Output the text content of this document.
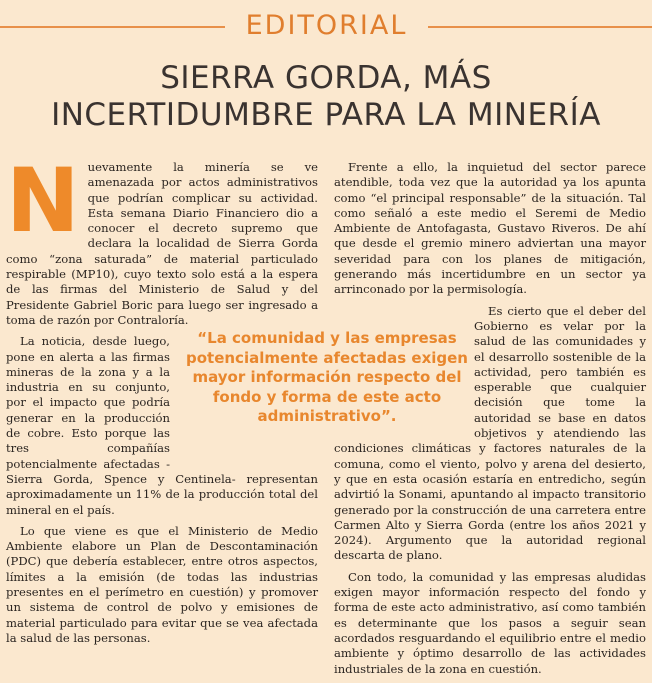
EDITORIAL
SIERRA GORDA, MÁS
INCERTIDUMBRE PARA LA MINERÍA

N uevamente la minería se ve amenazada por actos administrativos que podrían complicar su actividad. Esta semana Diario Financiero dio a conocer el decreto supremo que declara la localidad de Sierra Gorda como “zona saturada” de material particulado respirable (MP10), cuyo texto solo está a la espera de las firmas del Ministerio de Salud y del Presidente Gabriel Boric para luego ser ingresado a toma de razón por Contraloría.

La noticia, desde luego, pone en alerta a las firmas mineras de la zona y a la industria en su conjunto, por el impacto que podría generar en la producción de cobre. Esto porque las tres compañías potencialmente afectadas -Sierra Gorda, Spence y Centinela- representan aproximadamente un 11% de la producción total del mineral en el país.

Lo que viene es que el Ministerio de Medio Ambiente elabore un Plan de Descontaminación (PDC) que debería establecer, entre otros aspectos, límites a la emisión (de todas las industrias presentes en el perímetro en cuestión) y promover un sistema de control de polvo y emisiones de material particulado para evitar que se vea afectada la salud de las personas.

Frente a ello, la inquietud del sector parece atendible, toda vez que la autoridad ya los apunta como “el principal responsable” de la situación. Tal como señaló a este medio el Seremi de Medio Ambiente de Antofagasta, Gustavo Riveros. De ahí que desde el gremio minero adviertan una mayor severidad para con los planes de mitigación, generando más incertidumbre en un sector ya arrinconado por la permisología.

Es cierto que el deber del Gobierno es velar por la salud de las comunidades y el desarrollo sostenible de la actividad, pero también es esperable que cualquier decisión que tome la autoridad se base en datos objetivos y atendiendo las condiciones climáticas y factores naturales de la comuna, como el viento, polvo y arena del desierto, y que en esta ocasión estaría en entredicho, según advirtió la Sonami, apuntando al impacto transitorio generado por la construcción de una carretera entre Carmen Alto y Sierra Gorda (entre los años 2021 y 2024). Argumento que la autoridad regional descarta de plano.

Con todo, la comunidad y las empresas aludidas exigen mayor información respecto del fondo y forma de este acto administrativo, así como también es determinante que los pasos a seguir sean acordados resguardando el equilibrio entre el medio ambiente y óptimo desarrollo de las actividades industriales de la zona en cuestión.

“La comunidad y las empresas potencialmente afectadas exigen mayor información respecto del fondo y forma de este acto administrativo”.
